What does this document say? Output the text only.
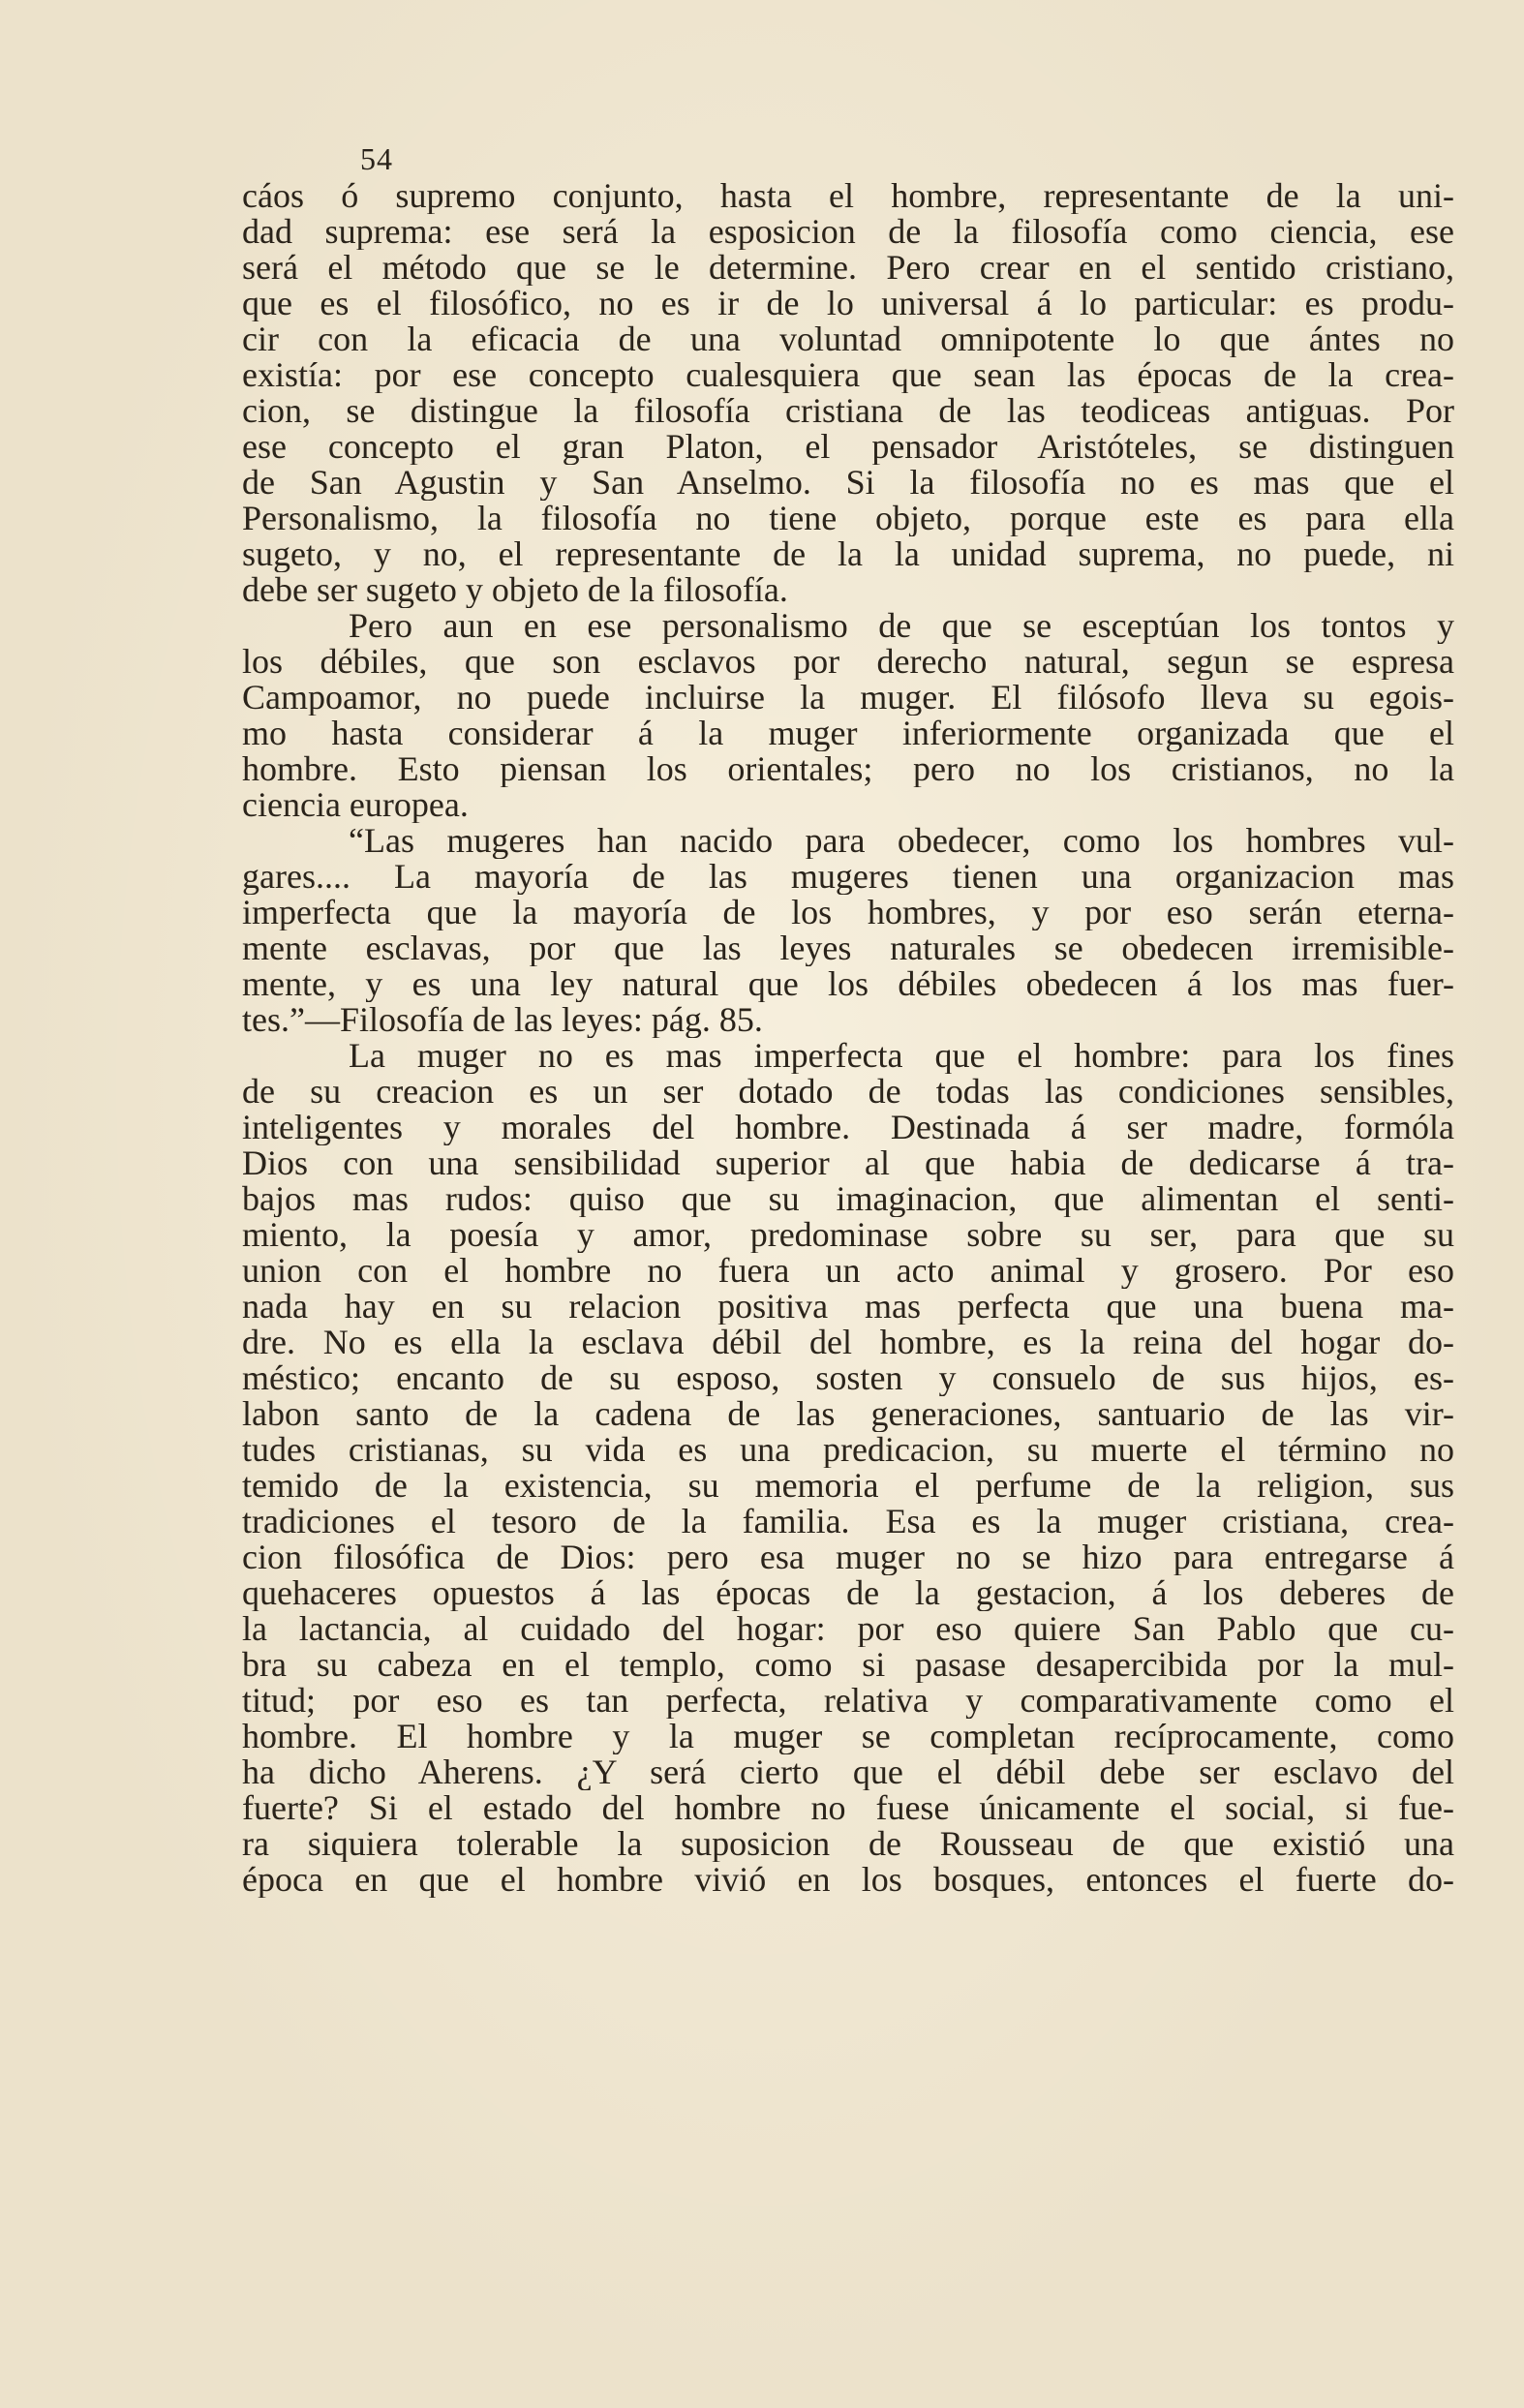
54
cáos ó supremo conjunto, hasta el hombre, representante de la uni-
dad suprema: ese será la esposicion de la filosofía como ciencia, ese
será el método que se le determine. Pero crear en el sentido cristiano,
que es el filosófico, no es ir de lo universal á lo particular: es produ-
cir con la eficacia de una voluntad omnipotente lo que ántes no
existía: por ese concepto cualesquiera que sean las épocas de la crea-
cion, se distingue la filosofía cristiana de las teodiceas antiguas. Por
ese concepto el gran Platon, el pensador Aristóteles, se distinguen
de San Agustin y San Anselmo. Si la filosofía no es mas que el
Personalismo, la filosofía no tiene objeto, porque este es para ella
sugeto, y no, el representante de la la unidad suprema, no puede, ni
debe ser sugeto y objeto de la filosofía.
Pero aun en ese personalismo de que se esceptúan los tontos y
los débiles, que son esclavos por derecho natural, segun se espresa
Campoamor, no puede incluirse la muger. El filósofo lleva su egois-
mo hasta considerar á la muger inferiormente organizada que el
hombre. Esto piensan los orientales; pero no los cristianos, no la
ciencia europea.
“Las mugeres han nacido para obedecer, como los hombres vul-
gares.... La mayoría de las mugeres tienen una organizacion mas
imperfecta que la mayoría de los hombres, y por eso serán eterna-
mente esclavas, por que las leyes naturales se obedecen irremisible-
mente, y es una ley natural que los débiles obedecen á los mas fuer-
tes.”—Filosofía de las leyes: pág. 85.
La muger no es mas imperfecta que el hombre: para los fines
de su creacion es un ser dotado de todas las condiciones sensibles,
inteligentes y morales del hombre. Destinada á ser madre, formóla
Dios con una sensibilidad superior al que habia de dedicarse á tra-
bajos mas rudos: quiso que su imaginacion, que alimentan el senti-
miento, la poesía y amor, predominase sobre su ser, para que su
union con el hombre no fuera un acto animal y grosero. Por eso
nada hay en su relacion positiva mas perfecta que una buena ma-
dre. No es ella la esclava débil del hombre, es la reina del hogar do-
méstico; encanto de su esposo, sosten y consuelo de sus hijos, es-
labon santo de la cadena de las generaciones, santuario de las vir-
tudes cristianas, su vida es una predicacion, su muerte el término no
temido de la existencia, su memoria el perfume de la religion, sus
tradiciones el tesoro de la familia. Esa es la muger cristiana, crea-
cion filosófica de Dios: pero esa muger no se hizo para entregarse á
quehaceres opuestos á las épocas de la gestacion, á los deberes de
la lactancia, al cuidado del hogar: por eso quiere San Pablo que cu-
bra su cabeza en el templo, como si pasase desapercibida por la mul-
titud; por eso es tan perfecta, relativa y comparativamente como el
hombre. El hombre y la muger se completan recíprocamente, como
ha dicho Aherens. ¿Y será cierto que el débil debe ser esclavo del
fuerte? Si el estado del hombre no fuese únicamente el social, si fue-
ra siquiera tolerable la suposicion de Rousseau de que existió una
época en que el hombre vivió en los bosques, entonces el fuerte do-
